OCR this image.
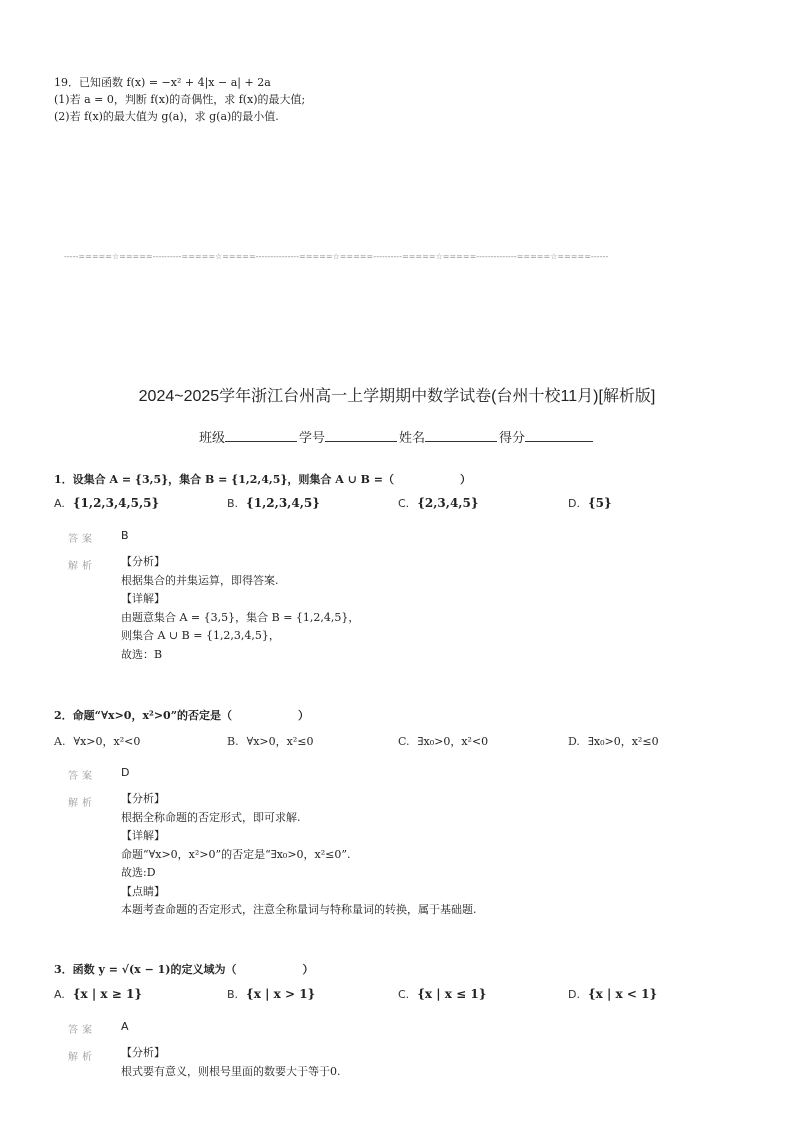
19．已知函数 f(x) = −x² + 4|x − a| + 2a
(1)若 a = 0，判断 f(x)的奇偶性，求 f(x)的最大值;
(2)若 f(x)的最大值为 g(a)，求 g(a)的最小值.
-----=====☆=====----------=====☆=====---------------=====☆=====----------=====☆=====--------------=====☆=====------
2024~2025学年浙江台州高一上学期期中数学试卷(台州十校11月)[解析版]
班级	学号	姓名	得分
1．设集合 A = {3,5}，集合 B = {1,2,4,5}，则集合 A ∪ B =（　　　　　　）
A. {1,2,3,4,5,5}	B. {1,2,3,4,5}	C. {2,3,4,5}	D. {5}
答案 B
解析 【分析】
根据集合的并集运算，即得答案.
【详解】
由题意集合 A = {3,5}，集合 B = {1,2,4,5}，
则集合 A ∪ B = {1,2,3,4,5}，
故选：B
2．命题“∀x>0，x²>0”的否定是（　　　　　　）
A. ∀x>0，x²<0	B. ∀x>0，x²≤0	C. ∃x₀>0，x²<0	D. ∃x₀>0，x²≤0
答案 D
解析 【分析】
根据全称命题的否定形式，即可求解.
【详解】
命题“∀x>0，x²>0”的否定是“∃x₀>0，x²≤0”.
故选:D
【点睛】
本题考查命题的否定形式，注意全称量词与特称量词的转换，属于基础题.
3．函数 y = √(x − 1)的定义域为（　　　　　　）
A. {x | x ≥ 1}	B. {x | x > 1}	C. {x | x ≤ 1}	D. {x | x < 1}
答案 A
解析 【分析】
根式要有意义，则根号里面的数要大于等于0.
